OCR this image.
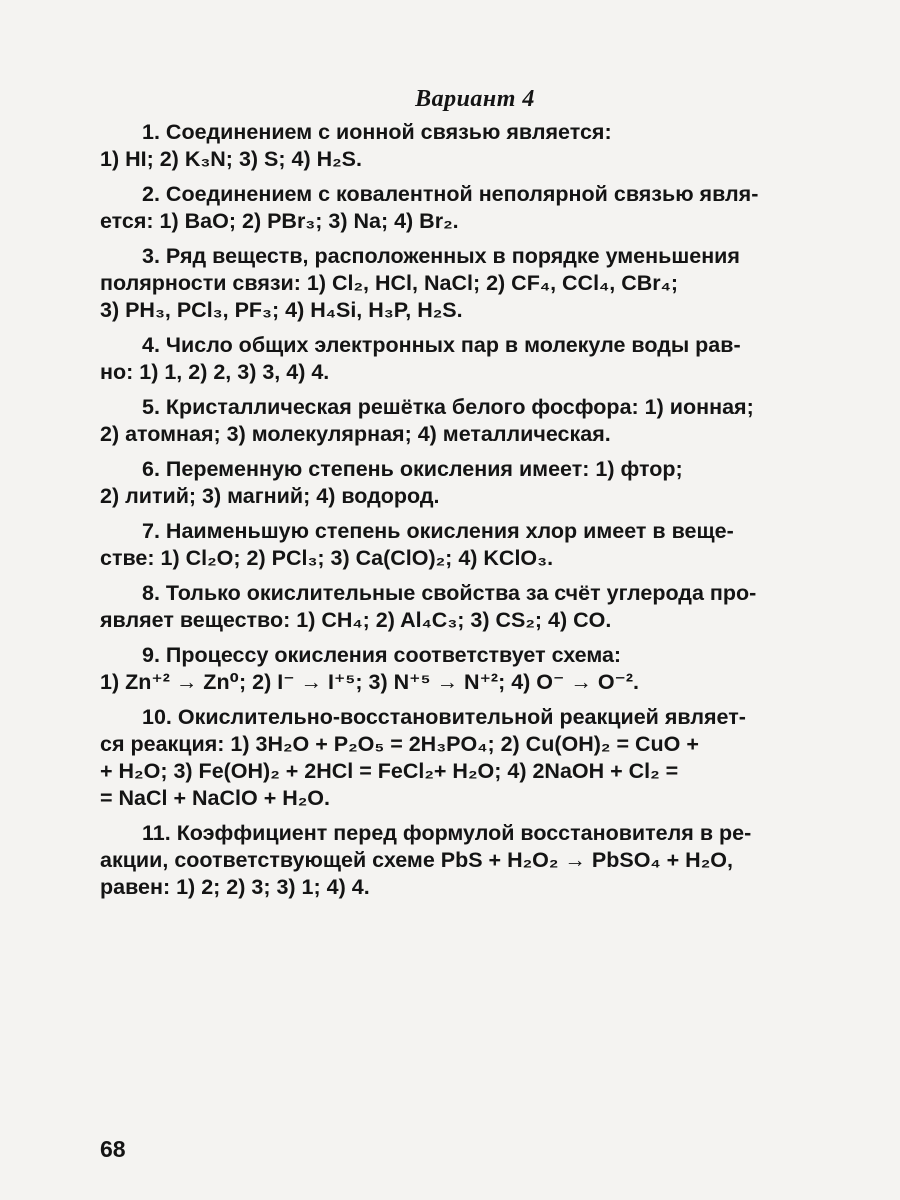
Вариант 4
1. Соединением с ионной связью является:
1) HI; 2) K₃N; 3) S; 4) H₂S.
2. Соединением с ковалентной неполярной связью явля-
ется: 1) BaO; 2) PBr₃; 3) Na; 4) Br₂.
3. Ряд веществ, расположенных в порядке уменьшения
полярности связи: 1) Cl₂, HCl, NaCl; 2) CF₄, CCl₄, CBr₄;
3) PH₃, PCl₃, PF₃; 4) H₄Si, H₃P, H₂S.
4. Число общих электронных пар в молекуле воды рав-
но: 1) 1, 2) 2, 3) 3, 4) 4.
5. Кристаллическая решётка белого фосфора: 1) ионная;
2) атомная; 3) молекулярная; 4) металлическая.
6. Переменную степень окисления имеет: 1) фтор;
2) литий; 3) магний; 4) водород.
7. Наименьшую степень окисления хлор имеет в веще-
стве: 1) Cl₂O; 2) PCl₃; 3) Ca(ClO)₂; 4) KClO₃.
8. Только окислительные свойства за счёт углерода про-
являет вещество: 1) CH₄; 2) Al₄C₃; 3) CS₂; 4) CO.
9. Процессу окисления соответствует схема:
1) Zn⁺² → Zn⁰; 2) I⁻ → I⁺⁵; 3) N⁺⁵ → N⁺²; 4) O⁻ → O⁻².
10. Окислительно-восстановительной реакцией являет-
ся реакция: 1) 3H₂O + P₂O₅ = 2H₃PO₄; 2) Cu(OH)₂ = CuO +
+ H₂O; 3) Fe(OH)₂ + 2HCl = FeCl₂+ H₂O; 4) 2NaOH + Cl₂ =
= NaCl + NaClO + H₂O.
11. Коэффициент перед формулой восстановителя в ре-
акции, соответствующей схеме PbS + H₂O₂ → PbSO₄ + H₂O,
равен: 1) 2; 2) 3; 3) 1; 4) 4.
68
